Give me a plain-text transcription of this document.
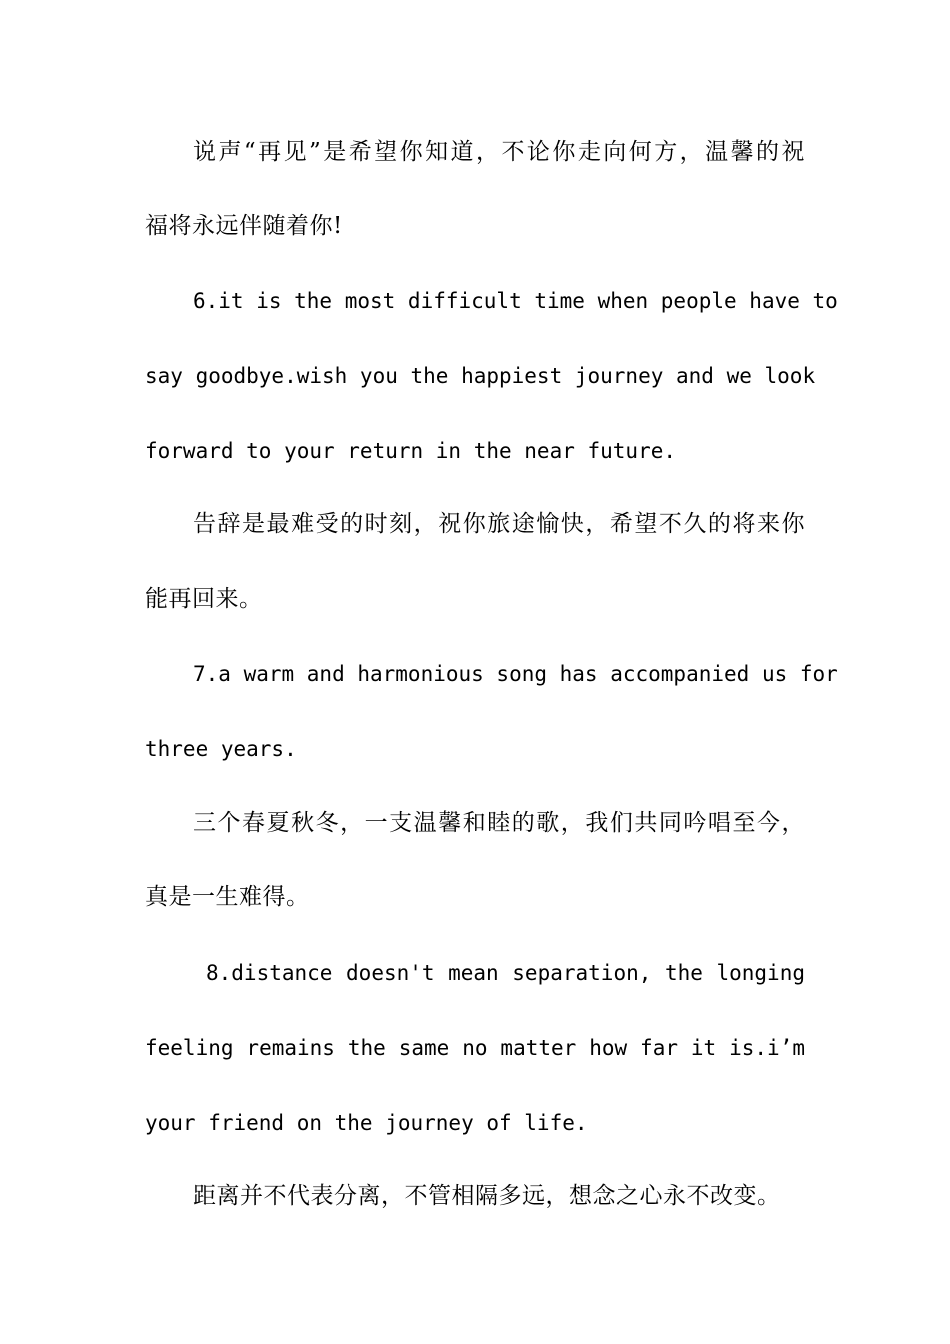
说声“再见”是希望你知道，不论你走向何方，温馨的祝

福将永远伴随着你!

6.it is the most difficult time when people have to

say goodbye.wish you the happiest journey and we look

forward to your return in the near future.

告辞是最难受的时刻，祝你旅途愉快，希望不久的将来你

能再回来。

7.a warm and harmonious song has accompanied us for

three years.

三个春夏秋冬，一支温馨和睦的歌，我们共同吟唱至今，

真是一生难得。

8.distance doesn't mean separation, the longing

feeling remains the same no matter how far it is.i’m

your friend on the journey of life.

距离并不代表分离，不管相隔多远，想念之心永不改变。
